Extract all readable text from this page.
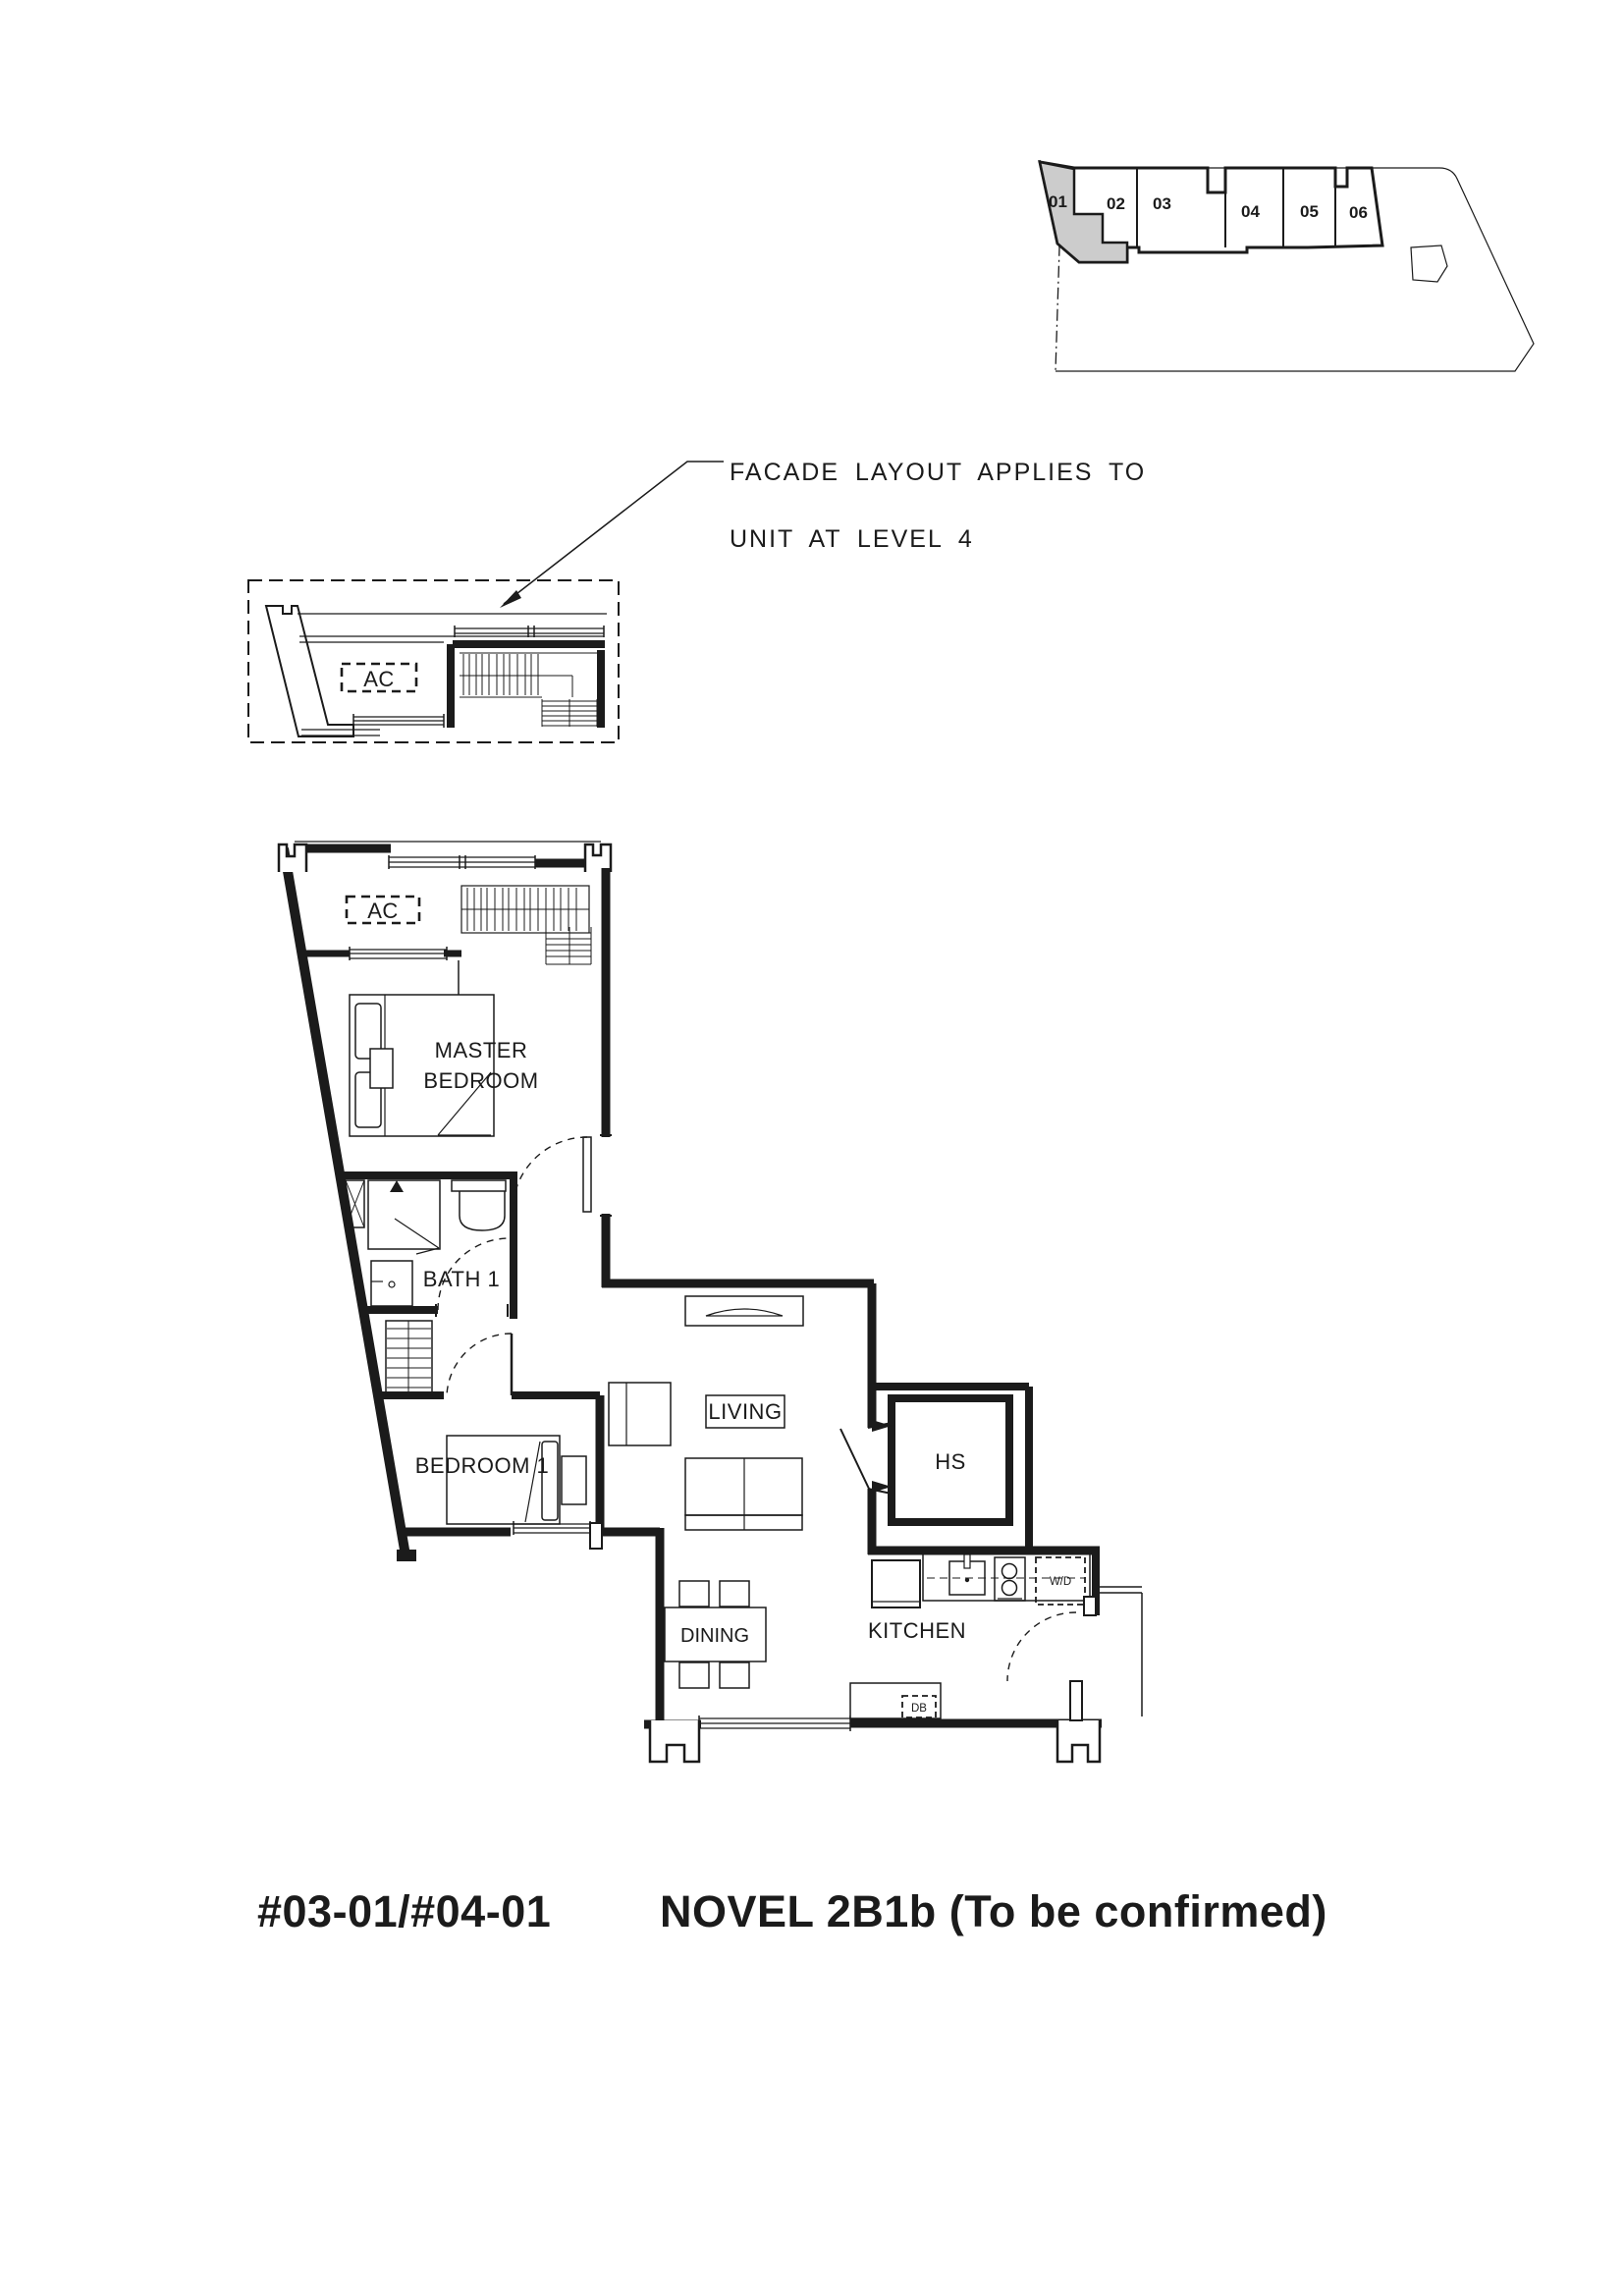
01 02 03	04 05 06
FACADE LAYOUT APPLIES TO
UNIT AT LEVEL 4
AC
AC
MASTER
BEDROOM
BATH 1
BEDROOM 1
LIVING
HS
W/D
KITCHEN
DINING
DB
#03-01/#04-01 NOVEL 2B1b (To be confirmed)
